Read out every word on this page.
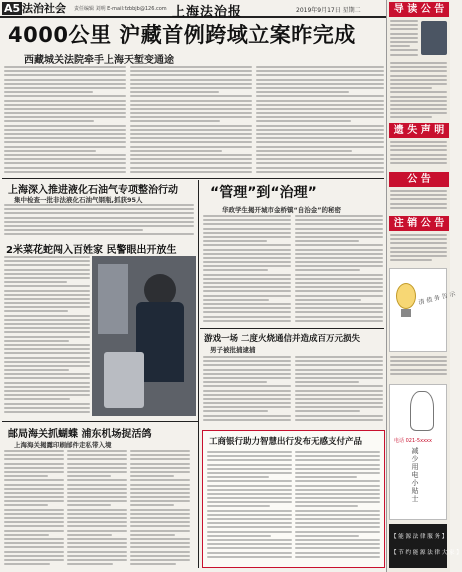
A5 法治社会 责任编辑 刘明 E-mail:fzbbjb@126.com 上海法治报	2019年9月17日 星期二
4000公里 沪藏首例跨域立案昨完成
西藏城关法院牵手上海天堑变通途
上海深入推进液化石油气专项整治行动
集中检查一批非法液化石油气钢瓶,抓获95人
2米菜花蛇闯入百姓家 民警眼出开放生
邮局海关抓蝴蝶 浦东机场捉活鸽
上海海关揭露印刷邮件走私带入境
“管理”到“治理”
华政学生揭开城市金桥镇“自治金”的秘密
游戏一场 二度火烧通信并造成百万元损失
男子被批捕逮捕
工商银行助力智慧出行发布无感支付产品
导 读 公 告
遗 失 声 明
公 告
注 销 公 告
清 债 务 告 示
电话 021-5xxxx
减少用电小贴士
【 能 源 法 律 服 务 】
【 节 约 能 源 法 律 大 家 】
